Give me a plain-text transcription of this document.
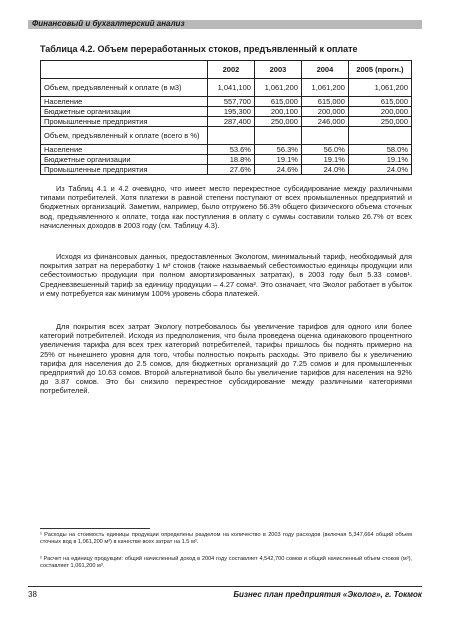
Финансовый и бухгалтерский анализ
Таблица 4.2. Объем переработанных стоков, предъявленный к оплате
	2002	2003	2004	2005 (прогн.)
Объем, предъявленный к оплате (в м3)	1,041,100	1,061,200	1,061,200	1,061,200
Население	557,700	615,000	615,000	615,000
Бюджетные организации	195,300	200,100	200,000	200,000
Промышленные предприятия	287,400	250,000	246,000	250,000
Объем, предъявленный к оплате (всего в %)				
Население	53.6%	56.3%	56.0%	58.0%
Бюджетные организации	18.8%	19.1%	19.1%	19.1%
Промышленные предприятия	27.6%	24.6%	24.0%	24.0%

Из Таблиц 4.1 и 4.2 очевидно, что имеет место перекрестное субсидирование между различными типами потребителей. Хотя платежи в равной степени поступают от всех промышленных предприятий и бюджетных организаций. Заметим, например, было отгружено 56.3% общего физического объема сточных вод, предъявленного к оплате, тогда как поступления в оплату с суммы составили только 26.7% от всех начисленных доходов в 2003 году (см. Таблицу 4.3).

Исходя из финансовых данных, предоставленных Экологом, минимальный тариф, необходимый для покрытия затрат на переработку 1 м³ стоков (также называемый себестоимостью единицы продукции или себестоимостью продукции при полном амортизированных затратах), в 2003 году был 5.33 сомов¹. Средневзвешенный тариф за единицу продукции – 4.27 сома². Это означает, что Эколог работает в убыток и ему потребуется как минимум 100% уровень сбора платежей.

Для покрытия всех затрат Экологу потребовалось бы увеличение тарифов для одного или более категорий потребителей. Исходя из предположения, что была проведена оценка одинакового процентного увеличения тарифа для всех трех категорий потребителей, тарифы пришлось бы поднять примерно на 25% от нынешнего уровня для того, чтобы полностью покрыть расходы. Это привело бы к увеличению тарифа для населения до 2.5 сомов, для бюджетных организаций до 7.25 сомов и для промышленных предприятий до 10.63 сомов. Второй альтернативой было бы увеличение тарифов для населения на 92% до 3.87 сомов. Это бы снизило перекрестное субсидирование между различными категориями потребителей.

¹ Расходы на стоимость единицы продукции определены разделом на количество в 2003 году расходов (включая 5,347,664 общий объем сточных вод в 1,061,200 м³) в качестве всех затрат на 1.5 м³.
² Расчет на единицу продукции: общий начисленный доход в 2004 году составляет 4,542,700 сомов и общий начисленный объем стоков (м³), составляет 1,061,200 м³.
38	Бизнес план предприятия «Эколог», г. Токмок
